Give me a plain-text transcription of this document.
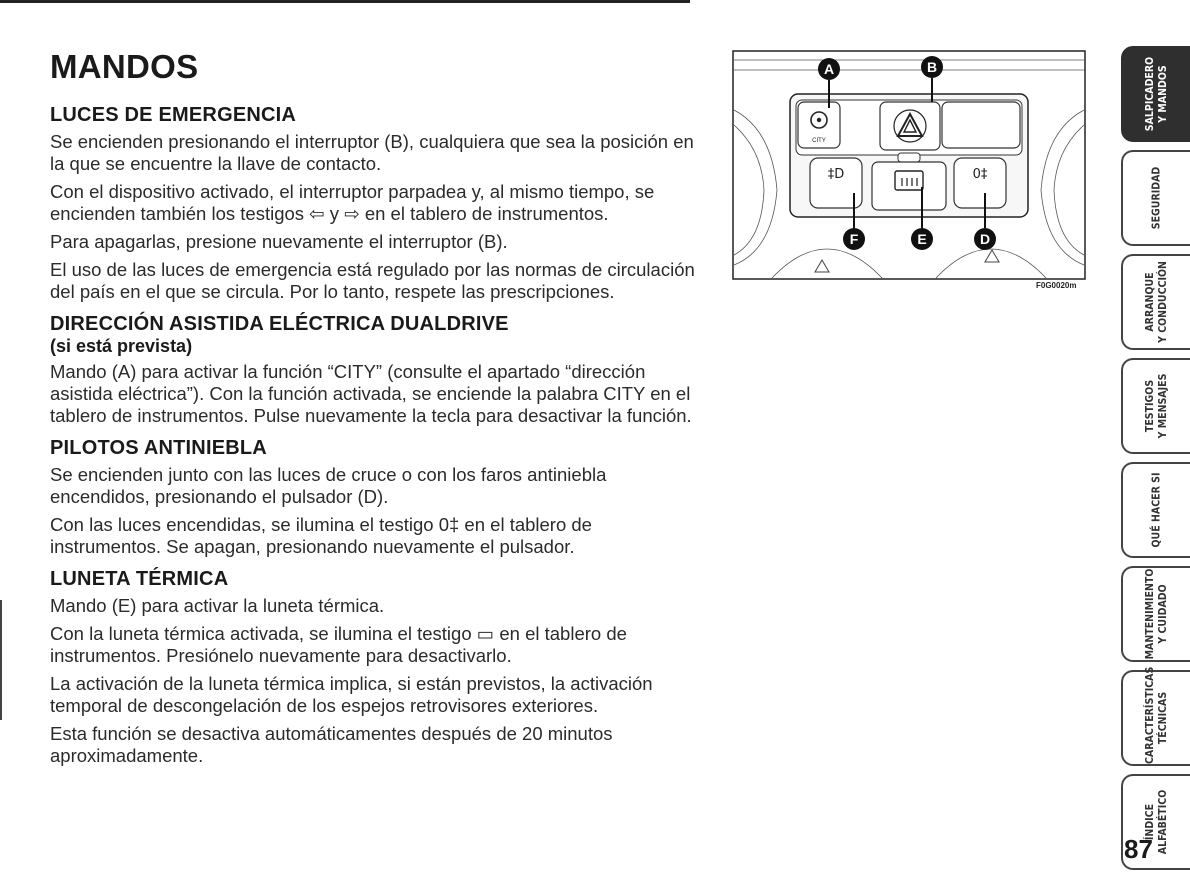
MANDOS
LUCES DE EMERGENCIA

Se encienden presionando el interruptor (B), cualquiera que sea la posición en la que se encuentre la llave de contacto.

Con el dispositivo activado, el interruptor parpadea y, al mismo tiempo, se encienden también los testigos ⇦ y ⇨ en el tablero de instrumentos.

Para apagarlas, presione nuevamente el interruptor (B).

El uso de las luces de emergencia está regulado por las normas de circulación del país en el que se circula. Por lo tanto, respete las prescripciones.

DIRECCIÓN ASISTIDA ELÉCTRICA DUALDRIVE
(si está prevista)

Mando (A) para activar la función “CITY” (consulte el apartado “dirección asistida eléctrica”). Con la función activada, se enciende la palabra CITY en el tablero de instrumentos. Pulse nuevamente la tecla para desactivar la función.

PILOTOS ANTINIEBLA

Se encienden junto con las luces de cruce o con los faros antiniebla encendidos, presionando el pulsador (D).

Con las luces encendidas, se ilumina el testigo 0‡ en el tablero de instrumentos. Se apagan, presionando nuevamente el pulsador.

LUNETA TÉRMICA

Mando (E) para activar la luneta térmica.

Con la luneta térmica activada, se ilumina el testigo ▭ en el tablero de instrumentos. Presiónelo nuevamente para desactivarlo.

La activación de la luneta térmica implica, si están previstos, la activación temporal de descongelación de los espejos retrovisores exteriores.

Esta función se desactiva automáticamentes después de 20 minutos aproximadamente.

CITY
‡D	0‡
A	B
F	E	D
F0G0020m
SALPICADERO Y MANDOS
SEGURIDAD
ARRANQUE Y CONDUCCIÓN
TESTIGOS Y MENSAJES
QUÉ HACER SI
MANTENIMIENTO Y CUIDADO
CARACTERÍSTICAS TÉCNICAS
ÍNDICE ALFABÉTICO
87
